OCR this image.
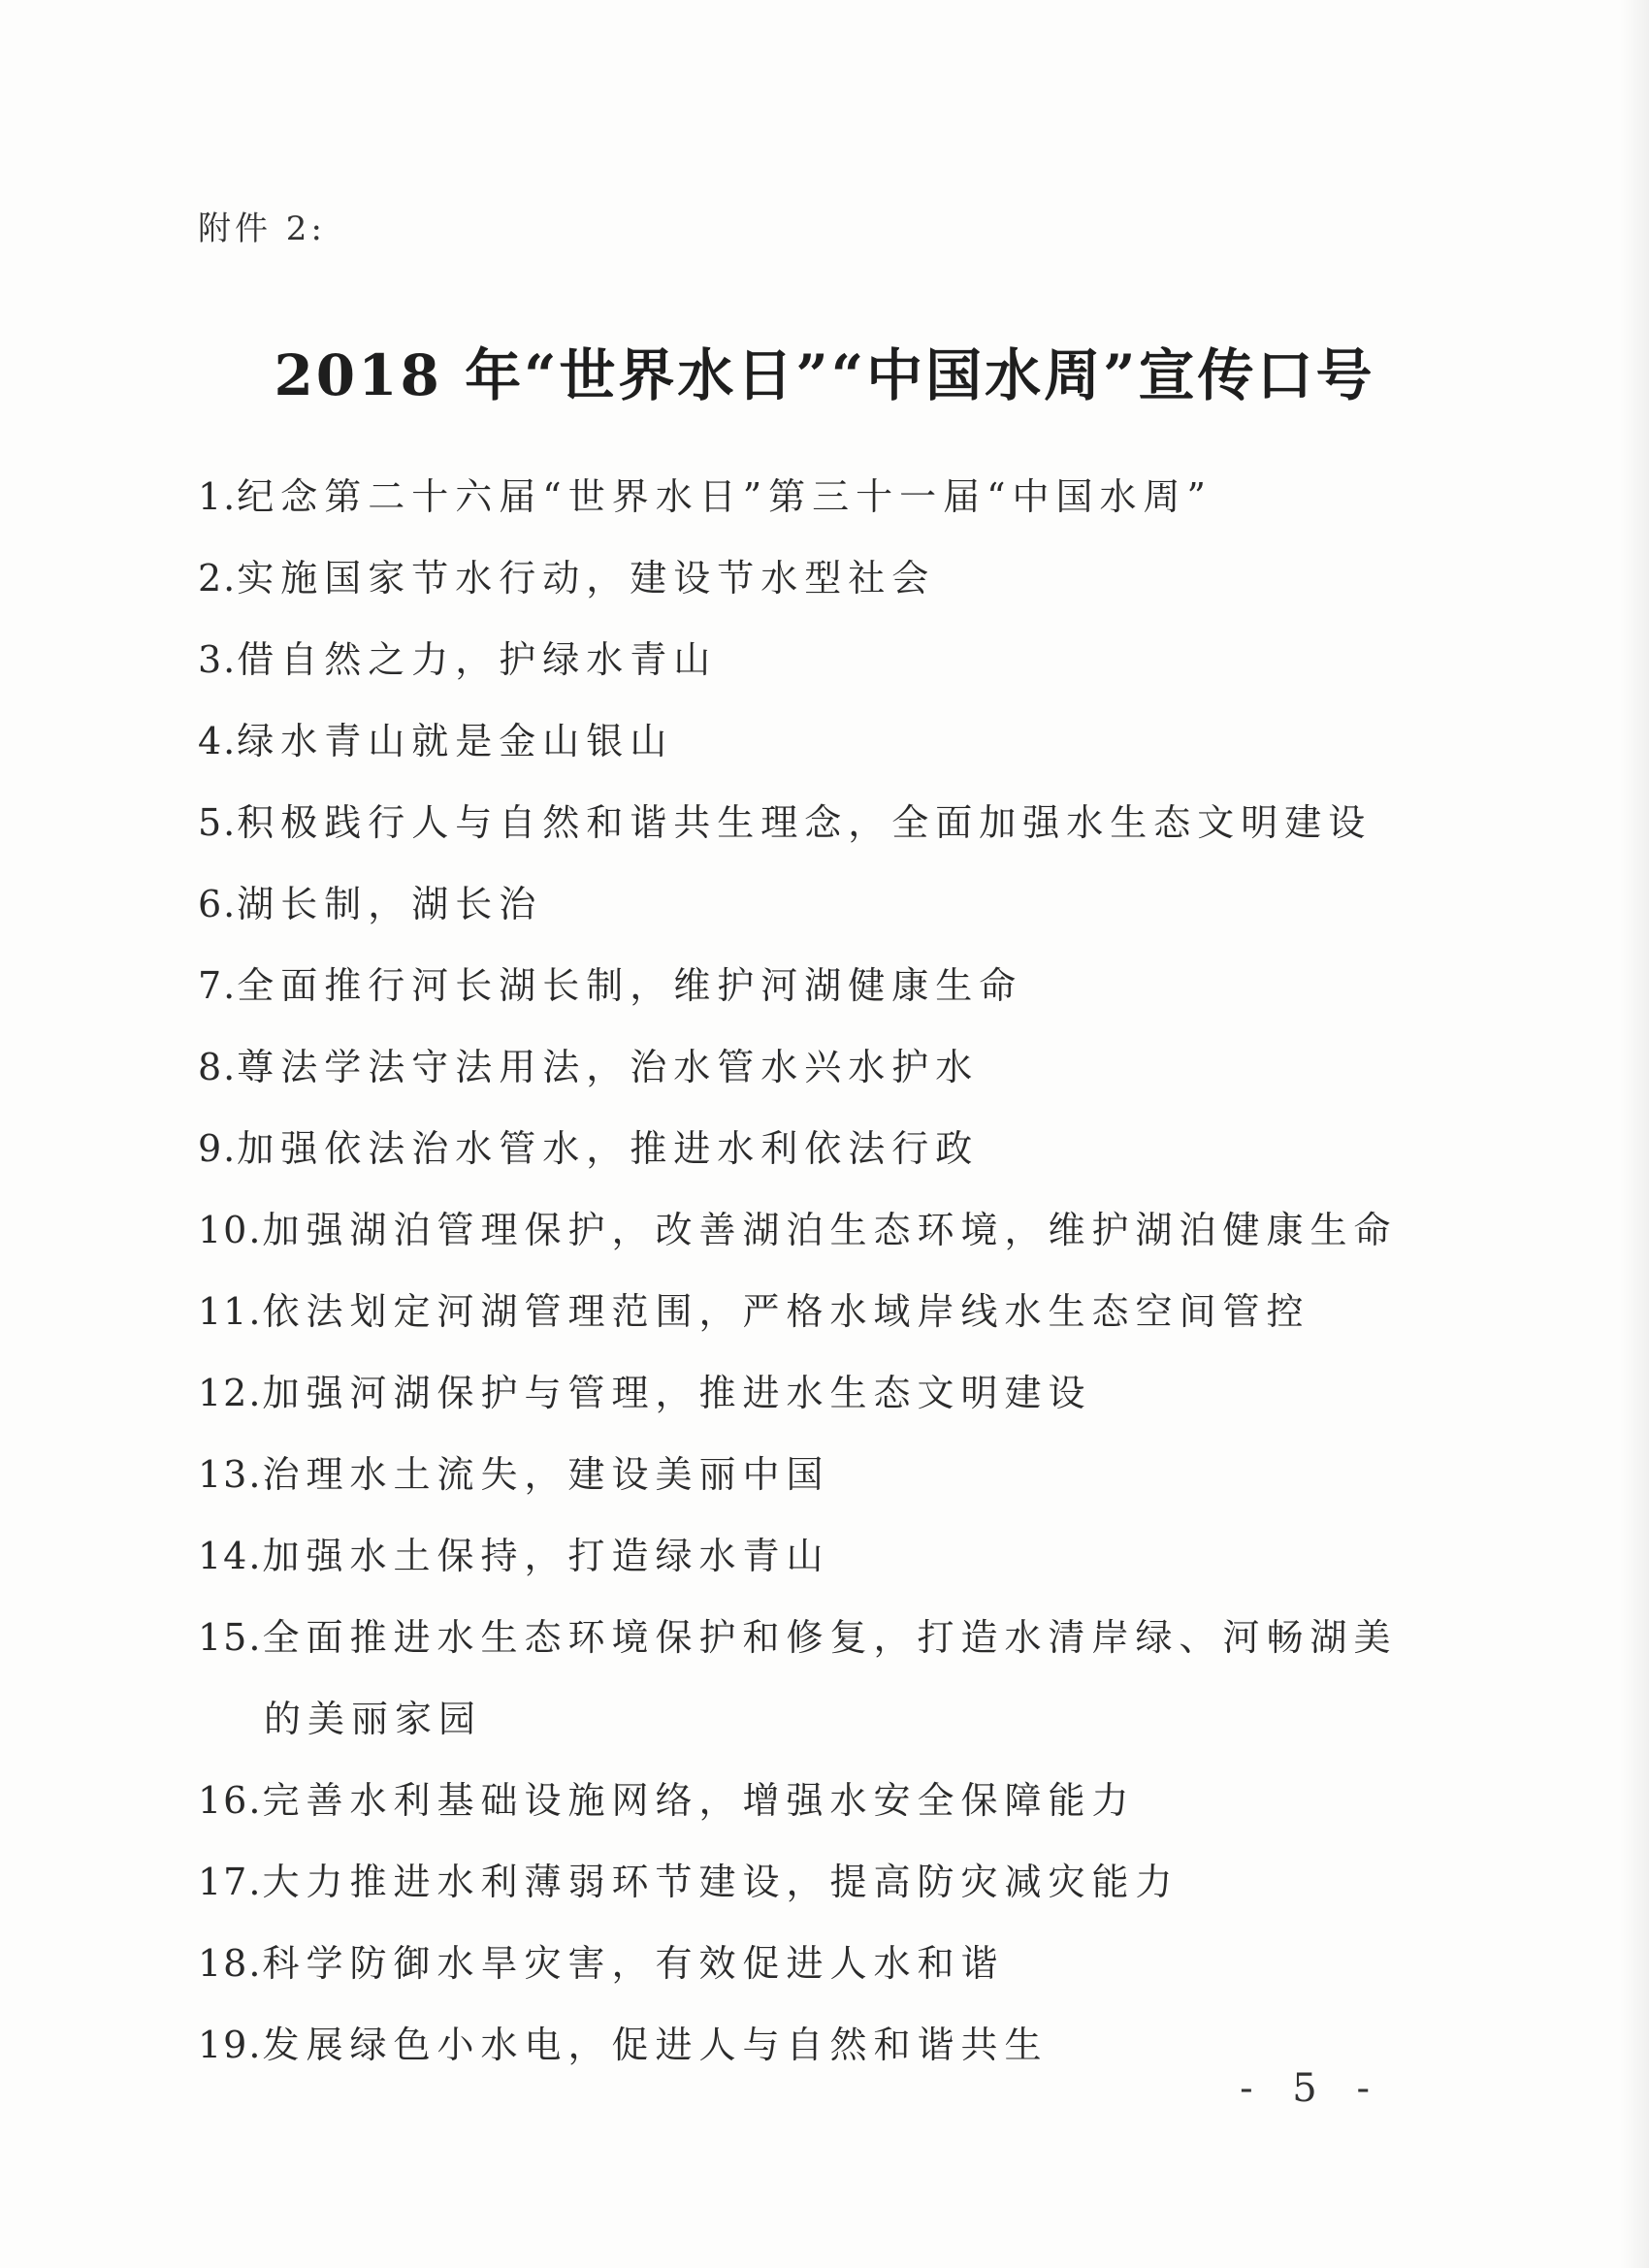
附件 2:
2018 年“世界水日”“中国水周”宣传口号
1.纪念第二十六届“世界水日”第三十一届“中国水周”
2.实施国家节水行动，建设节水型社会
3.借自然之力，护绿水青山
4.绿水青山就是金山银山
5.积极践行人与自然和谐共生理念，全面加强水生态文明建设
6.湖长制，湖长治
7.全面推行河长湖长制，维护河湖健康生命
8.尊法学法守法用法，治水管水兴水护水
9.加强依法治水管水，推进水利依法行政
10.加强湖泊管理保护，改善湖泊生态环境，维护湖泊健康生命
11.依法划定河湖管理范围，严格水域岸线水生态空间管控
12.加强河湖保护与管理，推进水生态文明建设
13.治理水土流失，建设美丽中国
14.加强水土保持，打造绿水青山
15.全面推进水生态环境保护和修复，打造水清岸绿、河畅湖美
的美丽家园
16.完善水利基础设施网络，增强水安全保障能力
17.大力推进水利薄弱环节建设，提高防灾减灾能力
18.科学防御水旱灾害，有效促进人水和谐
19.发展绿色小水电，促进人与自然和谐共生
- 5 -
